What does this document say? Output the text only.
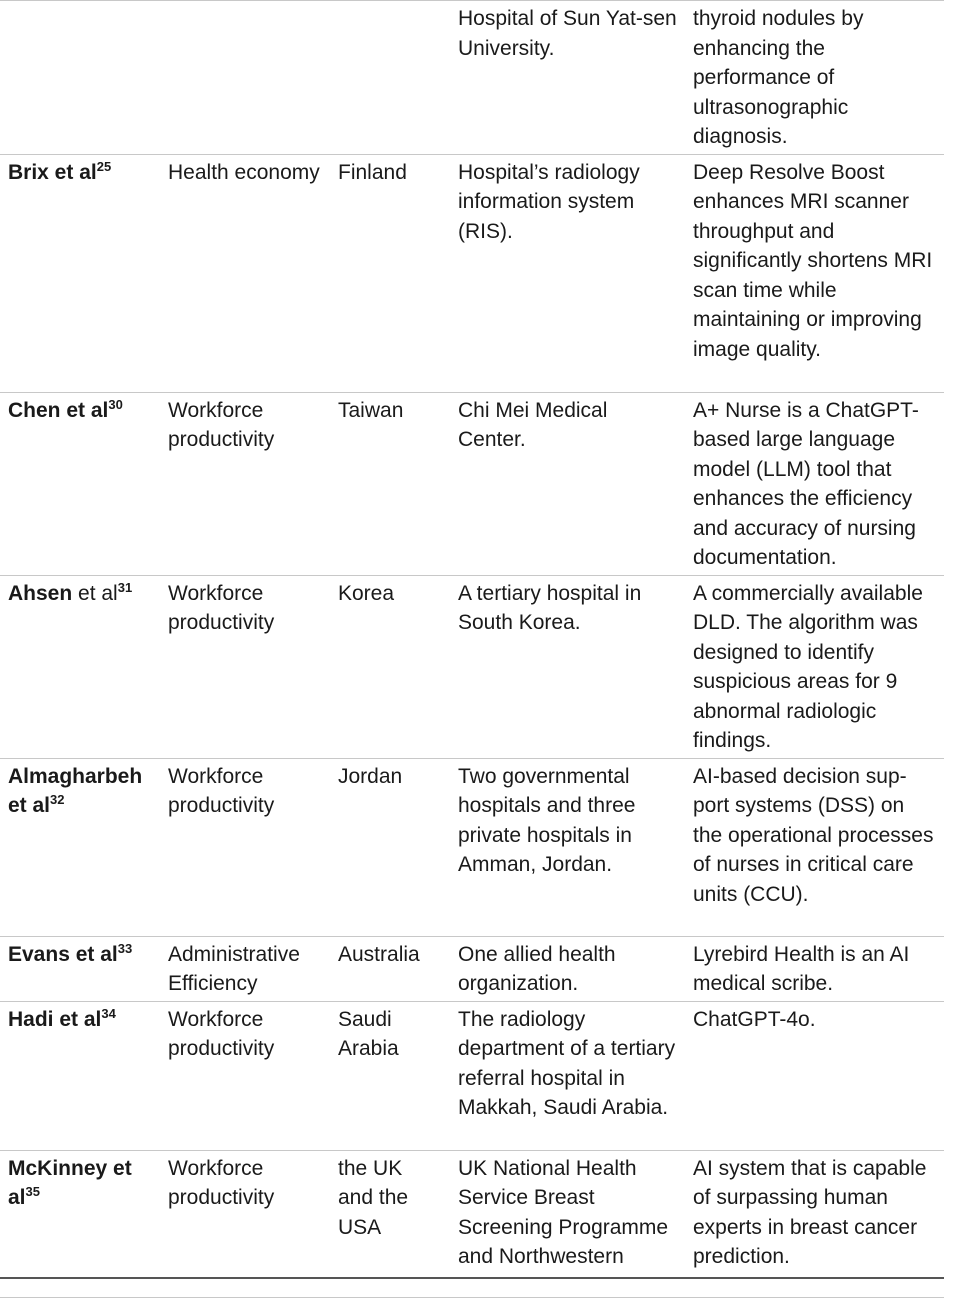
			Hospital of Sun Yat-sen University.	thyroid nodules by enhancing the performance of ultrasonographic diagnosis.
Brix et $al^{25}$	Health economy	Finland	Hospital’s radiology information system (RIS).	Deep Resolve Boost enhances MRI scanner throughput and significantly shortens MRI scan time while maintaining or improving image quality.
Chen et $al^{30}$	Workforce productivity	Taiwan	Chi Mei Medical Center.	A+ Nurse is a ChatGPT-based large language model (LLM) tool that enhances the efficiency and accuracy of nursing documentation.
Ahsen et $al^{31}$	Workforce productivity	Korea	A tertiary hospital in South Korea.	A commercially available DLD. The algorithm was designed to identify suspicious areas for 9 abnormal radiologic findings.
Almagharbeh et $al^{32}$	Workforce productivity	Jordan	Two governmental hospitals and three private hospitals in Amman, Jordan.	AI-based decision sup-port systems (DSS) on the operational processes of nurses in critical care units (CCU).
Evans et $al^{33}$	Administrative Efficiency	Australia	One allied health organization.	Lyrebird Health is an AI medical scribe.
Hadi et $al^{34}$	Workforce productivity	Saudi Arabia	The radiology department of a tertiary referral hospital in Makkah, Saudi Arabia.	ChatGPT-4o.
McKinney et $al^{35}$	Workforce productivity	the UK and the USA	UK National Health Service Breast Screening Programme and Northwestern	AI system that is capable of surpassing human experts in breast cancer prediction.
